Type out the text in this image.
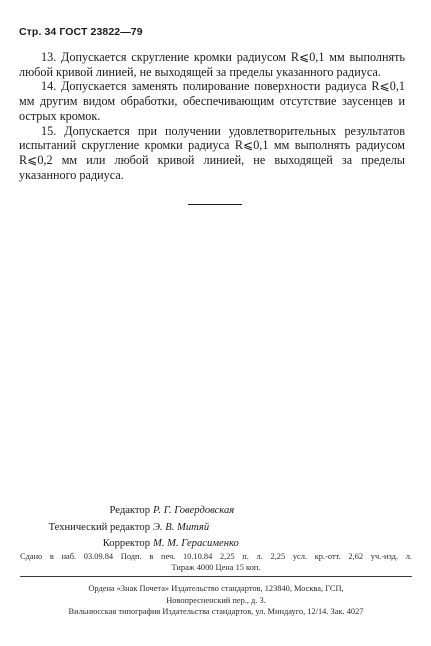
Стр. 34 ГОСТ 23822—79

13. Допускается скругление кромки радиусом R⩽0,1 мм выполнять любой кривой линией, не выходящей за пределы указанного радиуса.

14. Допускается заменять полирование поверхности радиуса R⩽0,1 мм другим видом обработки, обеспечивающим отсутствие заусенцев и острых кромок.

15. Допускается при получении удовлетворительных результатов испытаний скругление кромки радиуса R⩽0,1 мм выполнять радиусом R⩽0,2 мм или любой кривой линией, не выходящей за пределы указанного радиуса.

Редактор Р. Г. Говердовская
Технический редактор Э. В. Митяй
Корректор М. М. Герасименко
Сдано в наб. 03.09.84 Подп. в печ. 10.10.84 2,25 п. л. 2,25 усл. кр.-отт. 2,62 уч.-изд. л.
Тираж 4000 Цена 15 коп.
Ордена «Знак Почета» Издательство стандартов, 123840, Москва, ГСП,
Новопресненский пер., д. 3.
Вильнюсская типография Издательства стандартов, ул. Миндауго, 12/14. Зак. 4027
